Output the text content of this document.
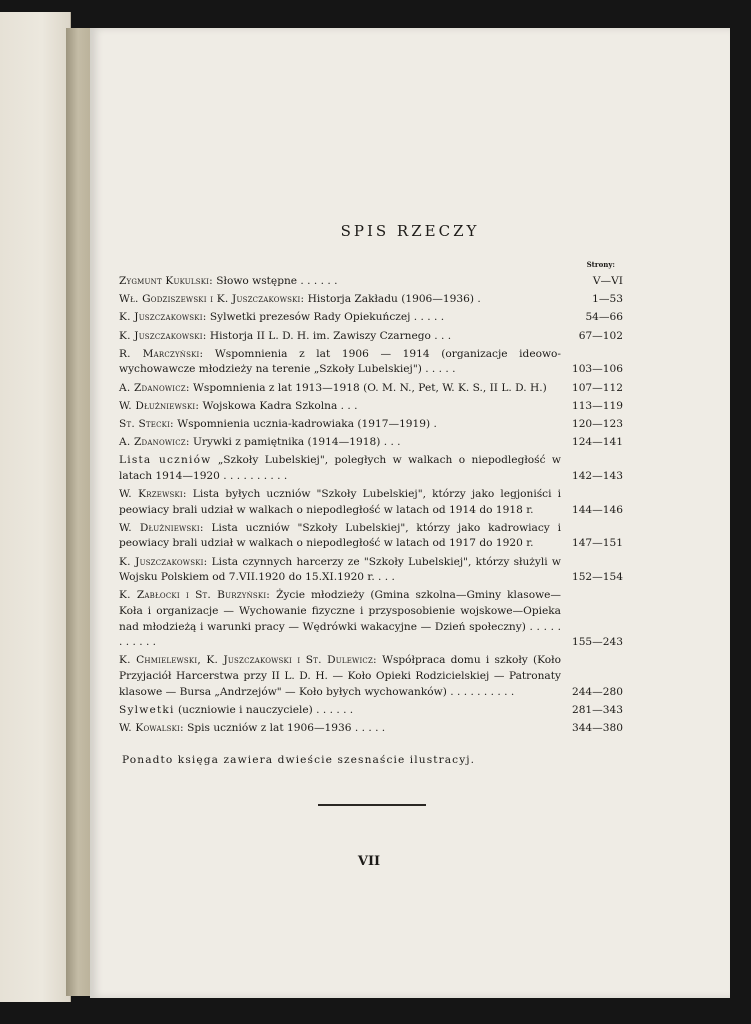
SPIS RZECZY
Strony:
Zygmunt Kukulski: Słowo wstępne . . . . . .	V—VI
Wł. Godziszewski i K. Juszczakowski: Historja Zakładu (1906—1936) .	1—53
K. Juszczakowski: Sylwetki prezesów Rady Opiekuńczej . . . . .	54—66
K. Juszczakowski: Historja II L. D. H. im. Zawiszy Czarnego . . .	67—102
R. Marczyński: Wspomnienia z lat 1906 — 1914 (organizacje ideowo-wychowawcze młodzieży na terenie „Szkoły Lubelskiej") . . . . .	103—106
A. Zdanowicz: Wspomnienia z lat 1913—1918 (O. M. N., Pet, W. K. S., II L. D. H.)	107—112
W. Dłużniewski: Wojskowa Kadra Szkolna . . .	113—119
St. Stecki: Wspomnienia ucznia-kadrowiaka (1917—1919) .	120—123
A. Zdanowicz: Urywki z pamiętnika (1914—1918) . . .	124—141
Lista uczniów „Szkoły Lubelskiej", poległych w walkach o niepodległość w latach 1914—1920 . . . . . . . . . .	142—143
W. Krzewski: Lista byłych uczniów "Szkoły Lubelskiej", którzy jako legjoniści i peowiacy brali udział w walkach o niepodległość w latach od 1914 do 1918 r.	144—146
W. Dłużniewski: Lista uczniów "Szkoły Lubelskiej", którzy jako kadrowiacy i peowiacy brali udział w walkach o niepodległość w latach od 1917 do 1920 r.	147—151
K. Juszczakowski: Lista czynnych harcerzy ze "Szkoły Lubelskiej", którzy służyli w Wojsku Polskiem od 7.VII.1920 do 15.XI.1920 r. . . .	152—154
K. Zabłocki i St. Burzyński: Życie młodzieży (Gmina szkolna—Gminy klasowe—Koła i organizacje — Wychowanie fizyczne i przysposobienie wojskowe—Opieka nad młodzieżą i warunki pracy — Wędrówki wakacyjne — Dzień społeczny) . . . . . . . . . . .	155—243
K. Chmielewski, K. Juszczakowski i St. Dulewicz: Współpraca domu i szkoły (Koło Przyjaciół Harcerstwa przy II L. D. H. — Koło Opieki Rodzicielskiej — Patronaty klasowe — Bursa „Andrzejów" — Koło byłych wychowanków) . . . . . . . . . .	244—280
Sylwetki (uczniowie i nauczyciele) . . . . . .	281—343
W. Kowalski: Spis uczniów z lat 1906—1936 . . . . .	344—380
Ponadto księga zawiera dwieście szesnaście ilustracyj.
VII
